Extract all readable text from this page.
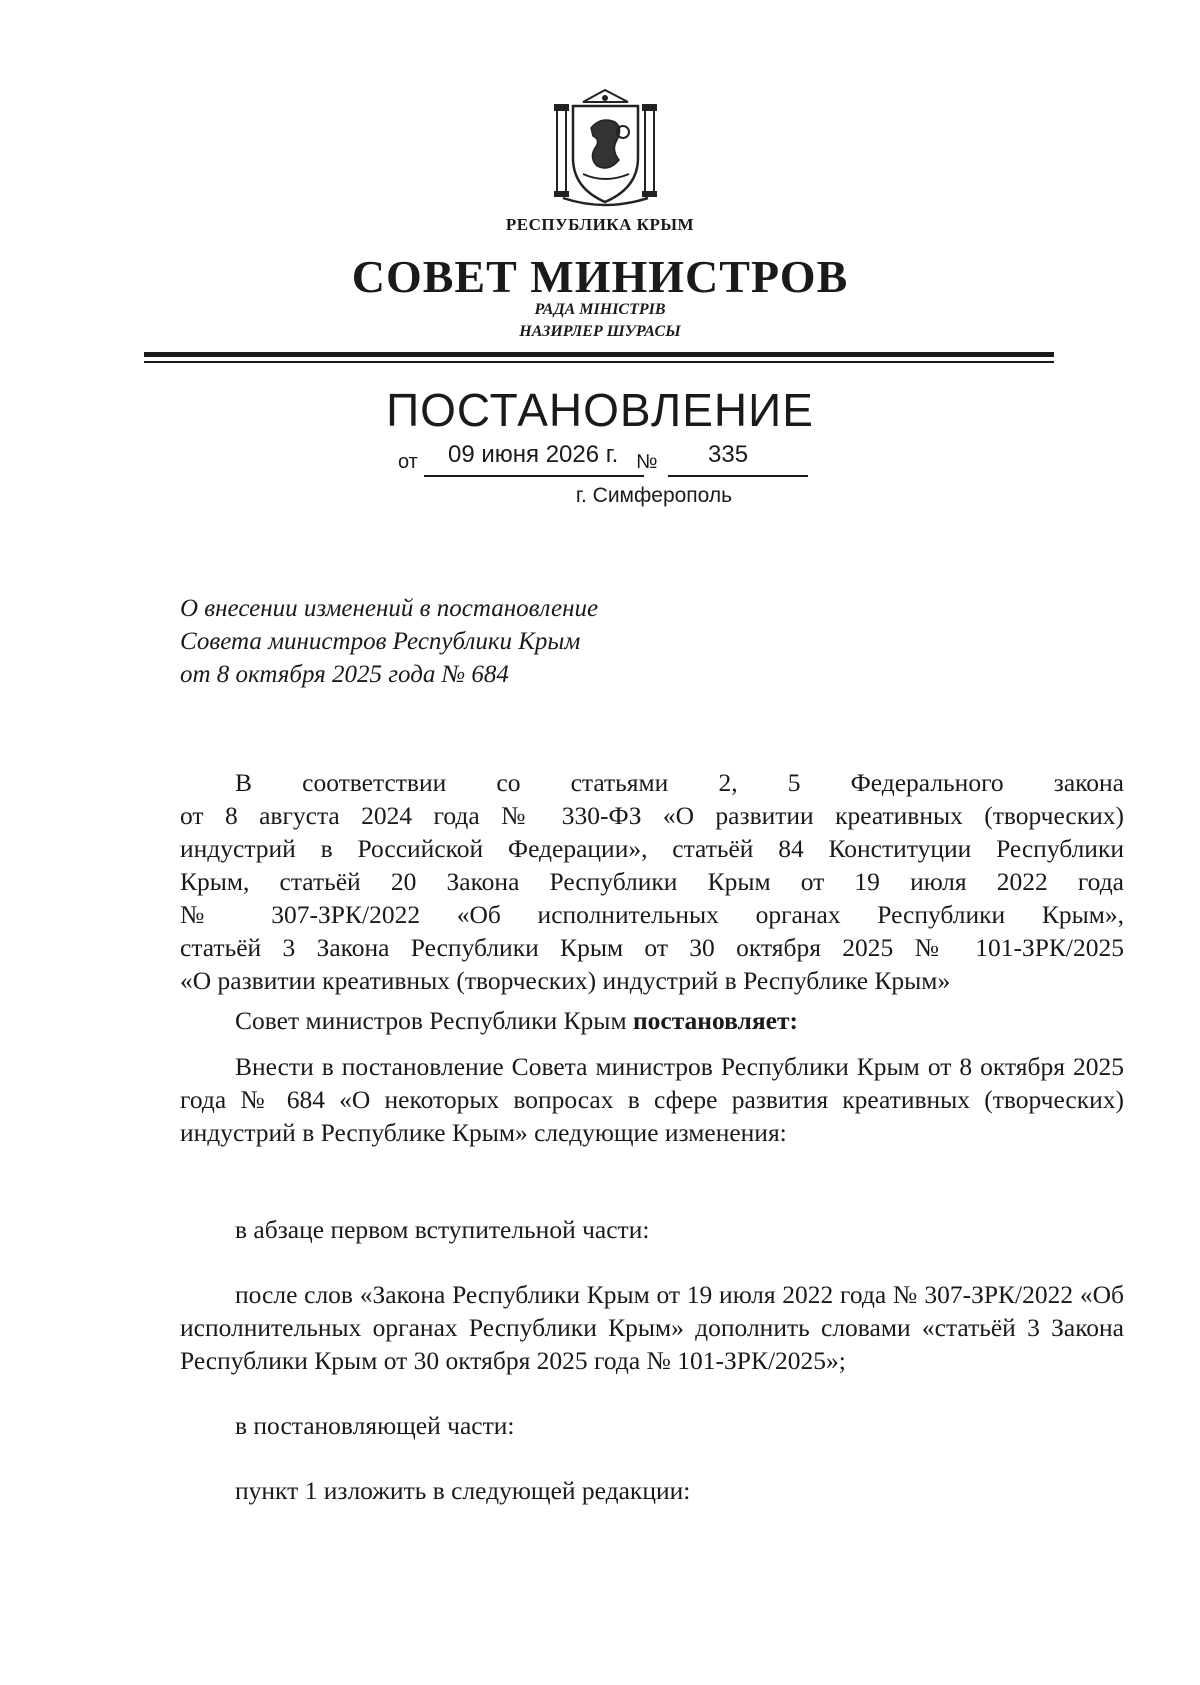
РЕСПУБЛИКА КРЫМ
СОВЕТ МИНИСТРОВ
РАДА МІНІСТРІВ
НАЗИРЛЕР ШУРАСЫ
ПОСТАНОВЛЕНИЕ
от 09 июня 2026 г. № 335
г. Симферополь
О внесении изменений в постановление
Совета министров Республики Крым
от 8 октября 2025 года № 684
В соответствии со статьями 2, 5 Федерального закона
от 8 августа 2024 года № 330-ФЗ «О развитии креативных (творческих)
индустрий в Российской Федерации», статьёй 84 Конституции Республики
Крым, статьёй 20 Закона Республики Крым от 19 июля 2022 года
№ 307-ЗРК/2022 «Об исполнительных органах Республики Крым»,
статьёй 3 Закона Республики Крым от 30 октября 2025 № 101-ЗРК/2025
«О развитии креативных (творческих) индустрий в Республике Крым»
Совет министров Республики Крым постановляет:
Внести в постановление Совета министров Республики Крым от 8 октября 2025 года № 684 «О некоторых вопросах в сфере развития креативных (творческих) индустрий в Республике Крым» следующие изменения:
в абзаце первом вступительной части:
после слов «Закона Республики Крым от 19 июля 2022 года № 307-ЗРК/2022 «Об исполнительных органах Республики Крым» дополнить словами «статьёй 3 Закона Республики Крым от 30 октября 2025 года № 101-ЗРК/2025»;
в постановляющей части:
пункт 1 изложить в следующей редакции:
